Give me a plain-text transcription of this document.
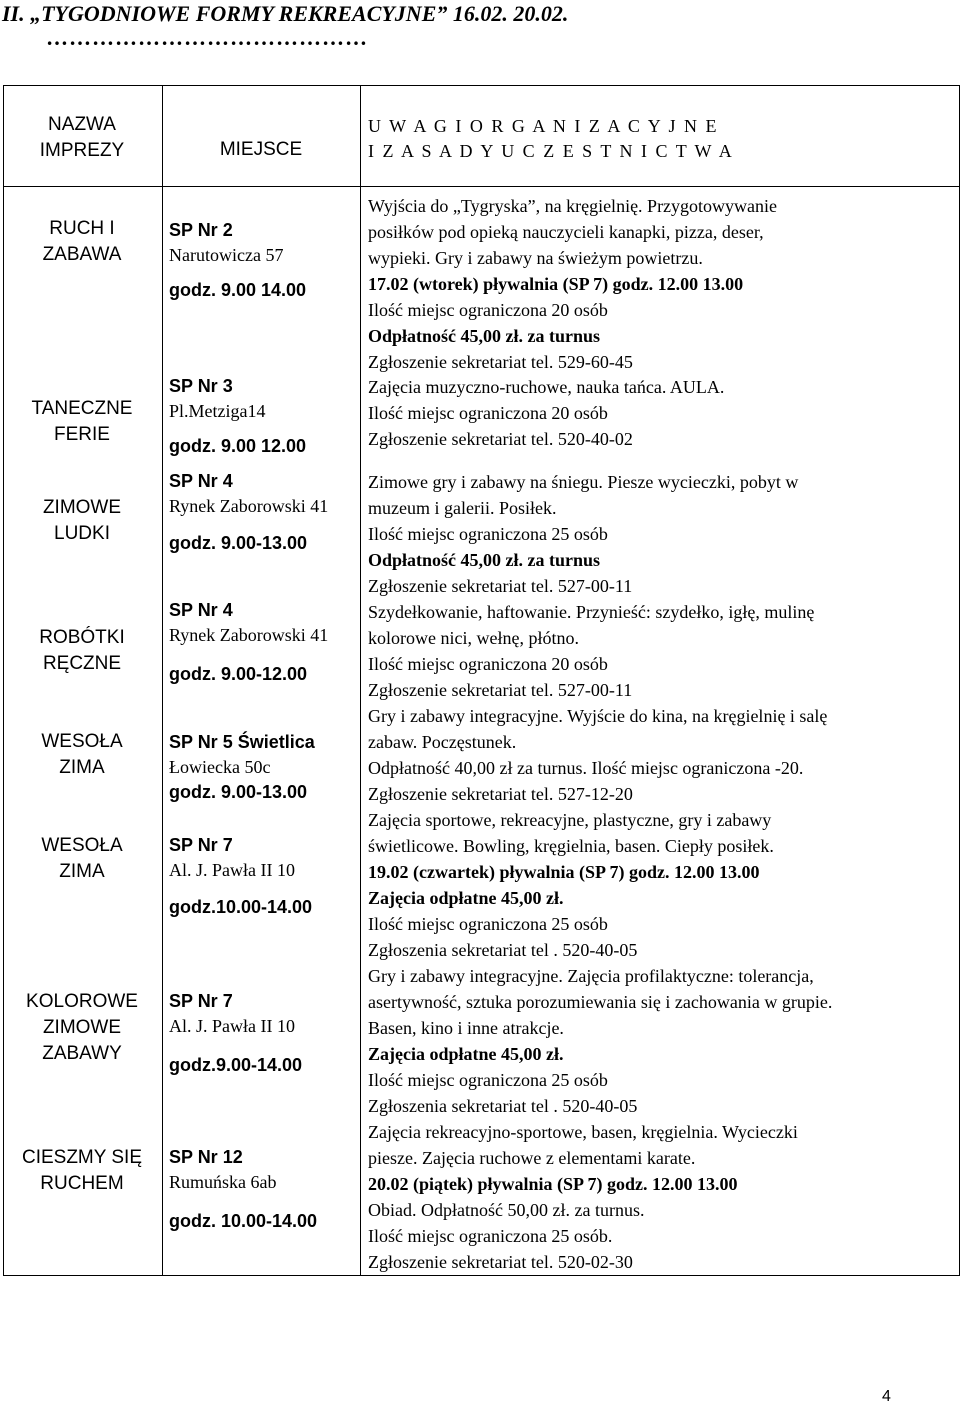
II. „TYGODNIOWE FORMY REKREACYJNE” 16.02. 20.02.
……………………………………
NAZWA
IMPREZY	MIEJSCE
U W A G I O R G A N I Z A C Y J N E
I Z A S A D Y U C Z E S T N I C T W A
RUCH I
ZABAWA
SP Nr 2
Narutowicza 57
godz. 9.00 14.00
Wyjścia do „Tygryska”, na kręgielnię. Przygotowywanie
posiłków pod opieką nauczycieli kanapki, pizza, deser,
wypieki. Gry i zabawy na świeżym powietrzu.
17.02 (wtorek) pływalnia (SP 7) godz. 12.00 13.00
Ilość miejsc ograniczona 20 osób
Odpłatność 45,00 zł. za turnus
Zgłoszenie sekretariat tel. 529-60-45
TANECZNE
FERIE
SP Nr 3
Pl.Metziga14
godz. 9.00 12.00
Zajęcia muzyczno-ruchowe, nauka tańca. AULA.
Ilość miejsc ograniczona 20 osób
Zgłoszenie sekretariat tel. 520-40-02
ZIMOWE
LUDKI
SP Nr 4
Rynek Zaborowski 41
godz. 9.00-13.00
Zimowe gry i zabawy na śniegu. Piesze wycieczki, pobyt w
muzeum i galerii. Posiłek.
Ilość miejsc ograniczona 25 osób
Odpłatność 45,00 zł. za turnus
Zgłoszenie sekretariat tel. 527-00-11
ROBÓTKI
RĘCZNE
SP Nr 4
Rynek Zaborowski 41
godz. 9.00-12.00
Szydełkowanie, haftowanie. Przynieść: szydełko, igłę, mulinę
kolorowe nici, wełnę, płótno.
Ilość miejsc ograniczona 20 osób
Zgłoszenie sekretariat tel. 527-00-11
WESOŁA
ZIMA
SP Nr 5 Świetlica
Łowiecka 50c
godz. 9.00-13.00
Gry i zabawy integracyjne. Wyjście do kina, na kręgielnię i salę
zabaw. Poczęstunek.
Odpłatność 40,00 zł za turnus. Ilość miejsc ograniczona -20.
Zgłoszenie sekretariat tel. 527-12-20
WESOŁA
ZIMA
SP Nr 7
Al. J. Pawła II 10
godz.10.00-14.00
Zajęcia sportowe, rekreacyjne, plastyczne, gry i zabawy
świetlicowe. Bowling, kręgielnia, basen. Ciepły posiłek.
19.02 (czwartek) pływalnia (SP 7) godz. 12.00 13.00
Zajęcia odpłatne 45,00 zł.
Ilość miejsc ograniczona 25 osób
Zgłoszenia sekretariat tel . 520-40-05
KOLOROWE
ZIMOWE
ZABAWY
SP Nr 7
Al. J. Pawła II 10
godz.9.00-14.00
Gry i zabawy integracyjne. Zajęcia profilaktyczne: tolerancja,
asertywność, sztuka porozumiewania się i zachowania w grupie.
Basen, kino i inne atrakcje.
Zajęcia odpłatne 45,00 zł.
Ilość miejsc ograniczona 25 osób
Zgłoszenia sekretariat tel . 520-40-05
CIESZMY SIĘ
RUCHEM
SP Nr 12
Rumuńska 6ab
godz. 10.00-14.00
Zajęcia rekreacyjno-sportowe, basen, kręgielnia. Wycieczki
piesze. Zajęcia ruchowe z elementami karate.
20.02 (piątek) pływalnia (SP 7) godz. 12.00 13.00
Obiad. Odpłatność 50,00 zł. za turnus.
Ilość miejsc ograniczona 25 osób.
Zgłoszenie sekretariat tel. 520-02-30
4
